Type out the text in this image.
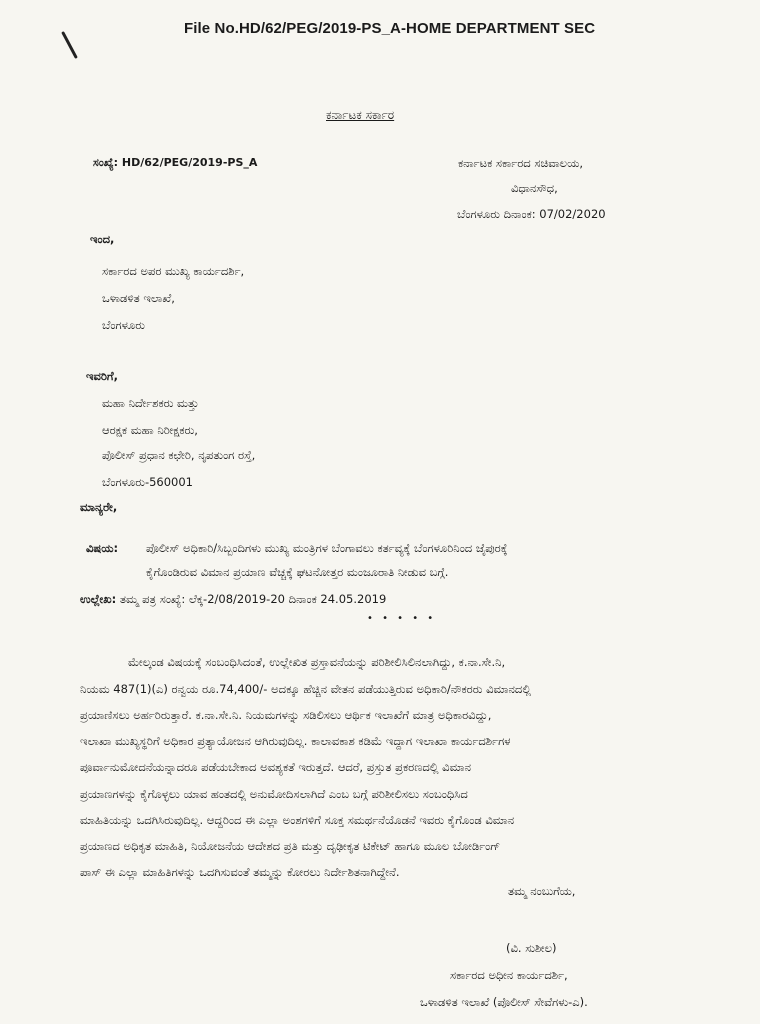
File No.HD/62/PEG/2019-PS_A-HOME DEPARTMENT SEC
ಕರ್ನಾಟಕ ಸರ್ಕಾರ
ಸಂಖ್ಯೆ: HD/62/PEG/2019-PS_A	ಕರ್ನಾಟಕ ಸರ್ಕಾರದ ಸಚಿವಾಲಯ,
ವಿಧಾನಸೌಧ,
ಬೆಂಗಳೂರು ದಿನಾಂಕ: 07/02/2020
ಇಂದ,
ಸರ್ಕಾರದ ಅಪರ ಮುಖ್ಯ ಕಾರ್ಯದರ್ಶಿ,
ಒಳಾಡಳಿತ ಇಲಾಖೆ,
ಬೆಂಗಳೂರು
ಇವರಿಗೆ,
ಮಹಾ ನಿರ್ದೇಶಕರು ಮತ್ತು
ಆರಕ್ಷಕ ಮಹಾ ನಿರೀಕ್ಷಕರು,
ಪೊಲೀಸ್ ಪ್ರಧಾನ ಕಛೇರಿ, ನೃಪತುಂಗ ರಸ್ತೆ,
ಬೆಂಗಳೂರು-560001
ಮಾನ್ಯರೇ,
ವಿಷಯ: ಪೊಲೀಸ್ ಅಧಿಕಾರಿ/ಸಿಬ್ಬಂದಿಗಳು ಮುಖ್ಯ ಮಂತ್ರಿಗಳ ಬೆಂಗಾವಲು ಕರ್ತವ್ಯಕ್ಕೆ ಬೆಂಗಳೂರಿನಿಂದ ಜೈಪುರಕ್ಕೆ
ಕೈಗೊಂಡಿರುವ ವಿಮಾನ ಪ್ರಯಾಣ ವೆಚ್ಚಕ್ಕೆ ಘಟನೋತ್ತರ ಮಂಜೂರಾತಿ ನೀಡುವ ಬಗ್ಗೆ.
ಉಲ್ಲೇಖ: ತಮ್ಮ ಪತ್ರ ಸಂಖ್ಯೆ: ಲೆಕ್ಕ-2/08/2019-20 ದಿನಾಂಕ 24.05.2019
• • • • •
ಮೇಲ್ಕಂಡ ವಿಷಯಕ್ಕೆ ಸಂಬಂಧಿಸಿದಂತೆ, ಉಲ್ಲೇಖಿತ ಪ್ರಸ್ತಾವನೆಯನ್ನು ಪರಿಶೀಲಿಸಿಲಿನಲಾಗಿದ್ದು, ಕ.ನಾ.ಸೇ.ನಿ,
ನಿಯಮ 487(1)(ಎ) ರನ್ವಯ ರೂ.74,400/- ಅದಕ್ಕೂ ಹೆಚ್ಚಿನ ವೇತನ ಪಡೆಯುತ್ತಿರುವ ಅಧಿಕಾರಿ/ನೌಕರರು ವಿಮಾನದಲ್ಲಿ
ಪ್ರಯಾಣಿಸಲು ಅರ್ಹರಿರುತ್ತಾರೆ. ಕ.ನಾ.ಸೇ.ನಿ. ನಿಯಮಗಳನ್ನು ಸಡಿಲಿಸಲು ಆರ್ಥಿಕ ಇಲಾಖೆಗೆ ಮಾತ್ರ ಅಧಿಕಾರವಿದ್ದು,
ಇಲಾಖಾ ಮುಖ್ಯಸ್ಥರಿಗೆ ಅಧಿಕಾರ ಪ್ರತ್ಯಾಯೋಜನ ಆಗಿರುವುದಿಲ್ಲ. ಕಾಲಾವಕಾಶ ಕಡಿಮೆ ಇದ್ದಾಗ ಇಲಾಖಾ ಕಾರ್ಯದರ್ಶಿಗಳ
ಪೂರ್ವಾನುಮೋದನೆಯನ್ನಾದರೂ ಪಡೆಯಬೇಕಾದ ಅವಶ್ಯಕತೆ ಇರುತ್ತದೆ. ಆದರೆ, ಪ್ರಸ್ತುತ ಪ್ರಕರಣದಲ್ಲಿ ವಿಮಾನ
ಪ್ರಯಾಣಗಳನ್ನು ಕೈಗೊಳ್ಳಲು ಯಾವ ಹಂತದಲ್ಲಿ ಅನುಮೋದಿಸಲಾಗಿದೆ ಎಂಬ ಬಗ್ಗೆ ಪರಿಶೀಲಿಸಲು ಸಂಬಂಧಿಸಿದ
ಮಾಹಿತಿಯನ್ನು ಒದಗಿಸಿರುವುದಿಲ್ಲ. ಆದ್ದರಿಂದ ಈ ಎಲ್ಲಾ ಅಂಶಗಳಿಗೆ ಸೂಕ್ತ ಸಮರ್ಥನೆಯೊಡನೆ ಇವರು ಕೈಗೊಂಡ ವಿಮಾನ
ಪ್ರಯಾಣದ ಅಧಿಕೃತ ಮಾಹಿತಿ, ನಿಯೋಜನೆಯ ಆದೇಶದ ಪ್ರತಿ ಮತ್ತು ದೃಢೀಕೃತ ಟಿಕೇಟ್ ಹಾಗೂ ಮೂಲ ಬೋರ್ಡಿಂಗ್
ಪಾಸ್ ಈ ಎಲ್ಲಾ ಮಾಹಿತಿಗಳನ್ನು ಒದಗಿಸುವಂತೆ ತಮ್ಮನ್ನು ಕೋರಲು ನಿರ್ದೇಶಿತನಾಗಿದ್ದೇನೆ.
ತಮ್ಮ ನಂಬುಗೆಯ,
(ವಿ. ಸುಶೀಲ)
ಸರ್ಕಾರದ ಅಧೀನ ಕಾರ್ಯದರ್ಶಿ,
ಒಳಾಡಳಿತ ಇಲಾಖೆ (ಪೊಲೀಸ್ ಸೇವೆಗಳು-ಎ).
